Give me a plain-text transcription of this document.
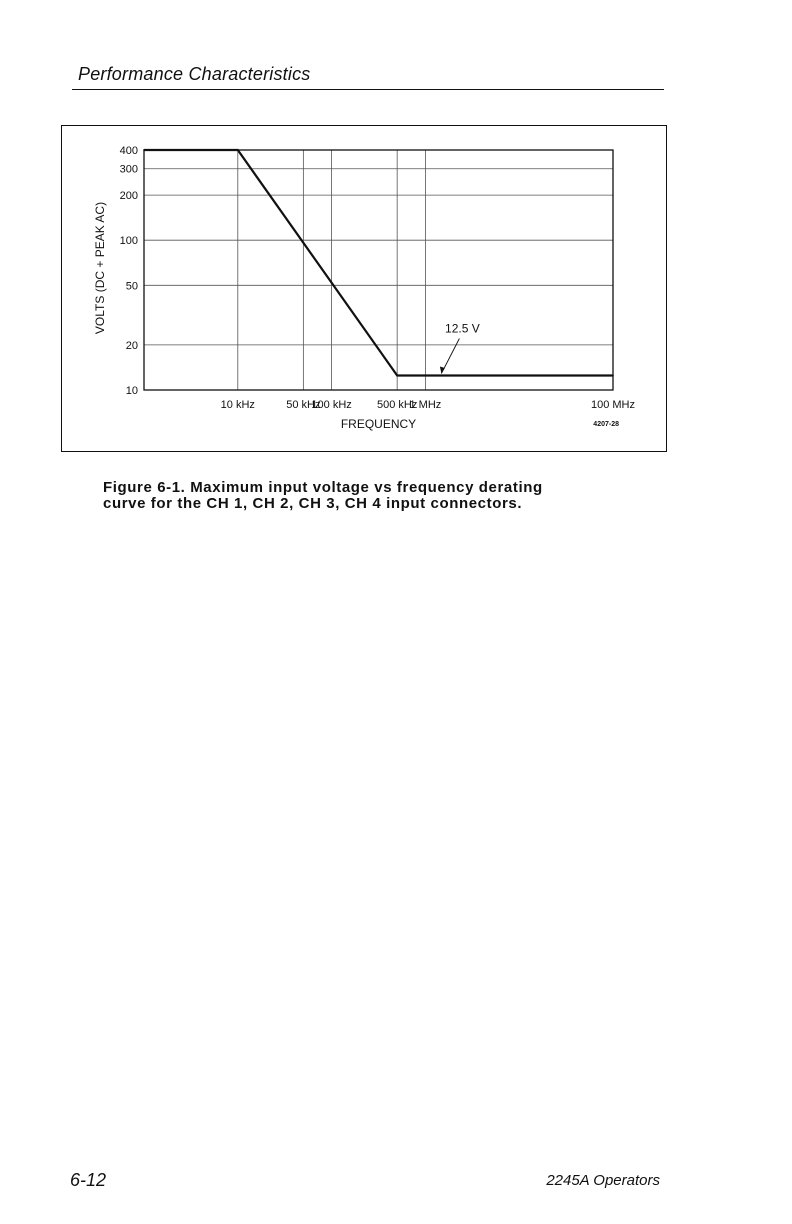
Performance Characteristics
400
300
200
100
50
20
10
10 kHz	50 kHz
100 kHz 500 kHz
1 MHz	100 MHz
FREQUENCY
VOLTS (DC + PEAK AC)	12.5 V
4207-28
Figure 6-1. Maximum input voltage vs frequency derating
curve for the CH 1, CH 2, CH 3, CH 4 input connectors.
6-12	2245A Operators
